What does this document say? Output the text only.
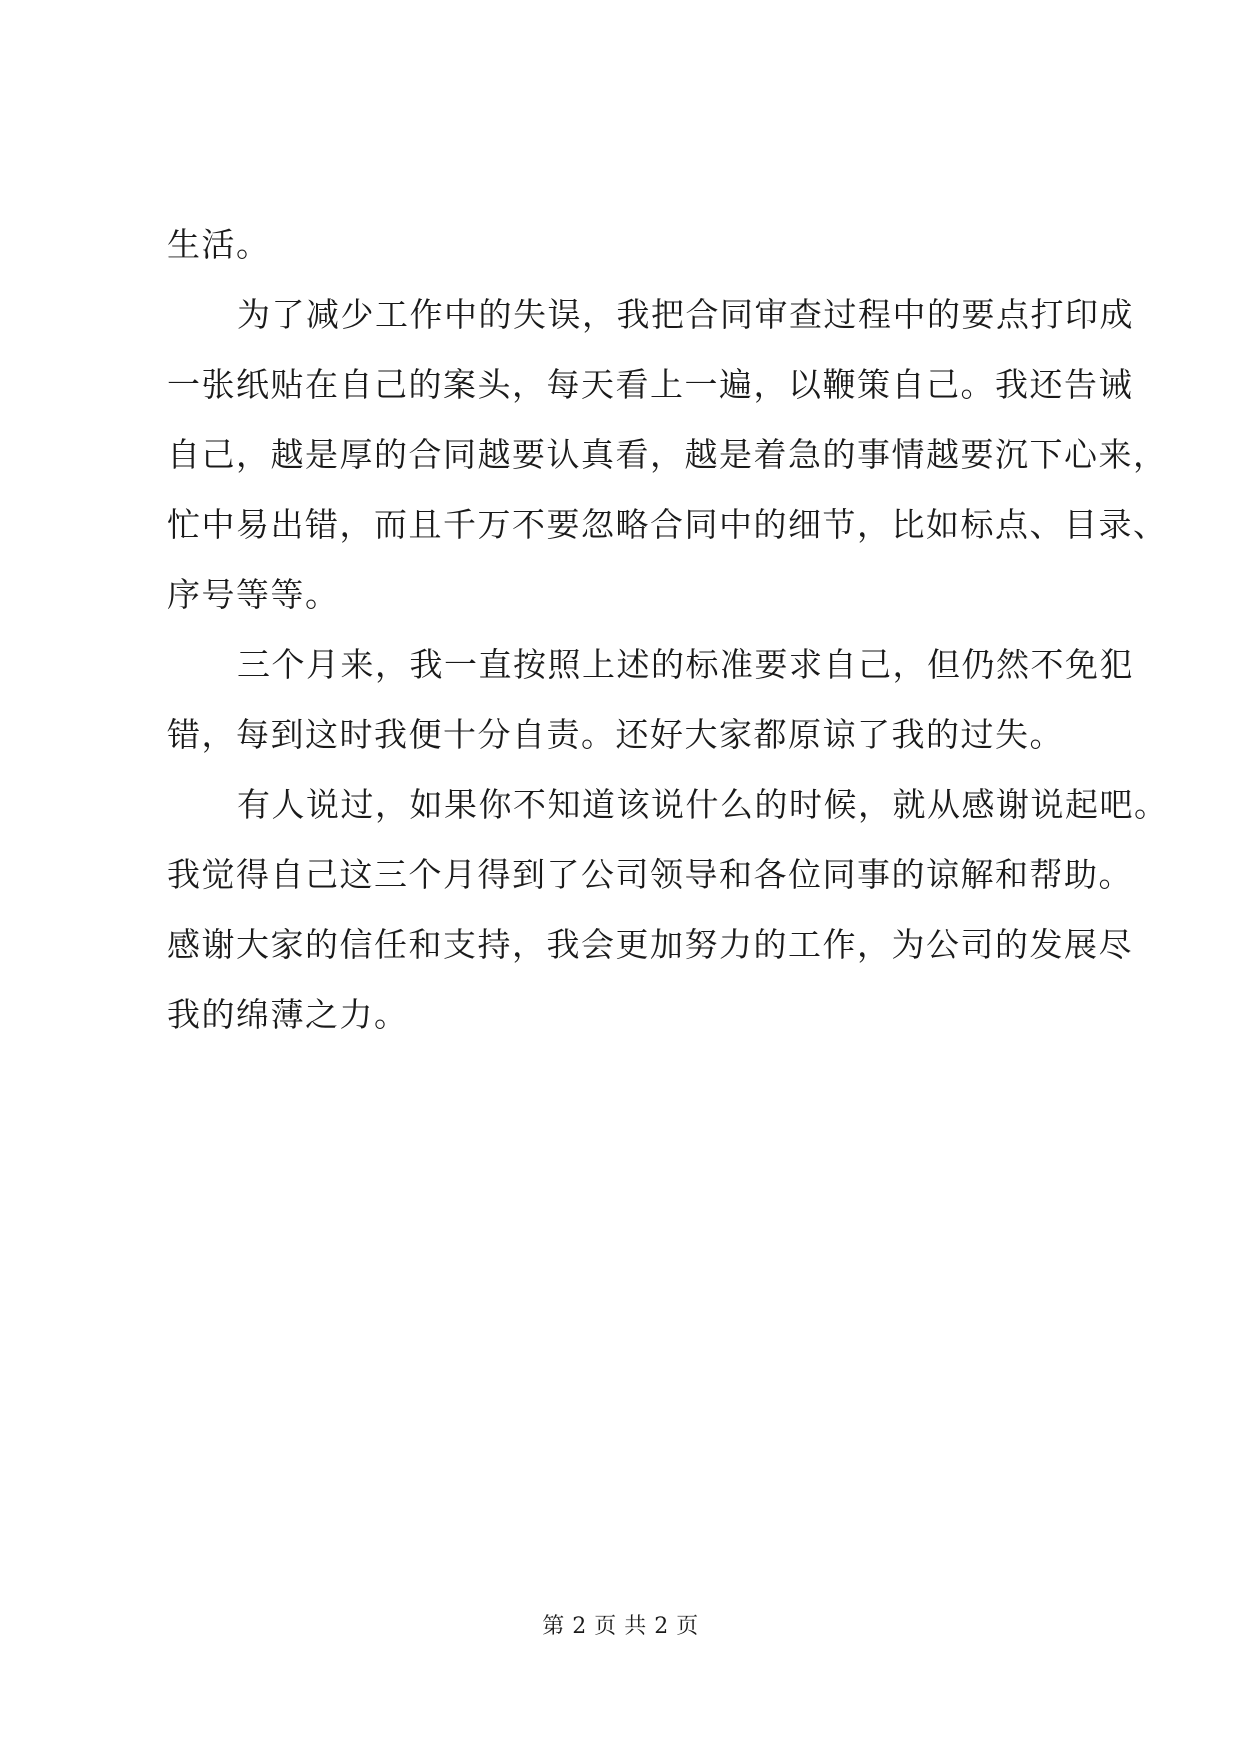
生活。
为了减少工作中的失误，我把合同审查过程中的要点打印成
一张纸贴在自己的案头，每天看上一遍，以鞭策自己。我还告诫
自己，越是厚的合同越要认真看，越是着急的事情越要沉下心来，
忙中易出错，而且千万不要忽略合同中的细节，比如标点、目录、
序号等等。
三个月来，我一直按照上述的标准要求自己，但仍然不免犯
错，每到这时我便十分自责。还好大家都原谅了我的过失。
有人说过，如果你不知道该说什么的时候，就从感谢说起吧。
我觉得自己这三个月得到了公司领导和各位同事的谅解和帮助。
感谢大家的信任和支持，我会更加努力的工作，为公司的发展尽
我的绵薄之力。
第 2 页 共 2 页
